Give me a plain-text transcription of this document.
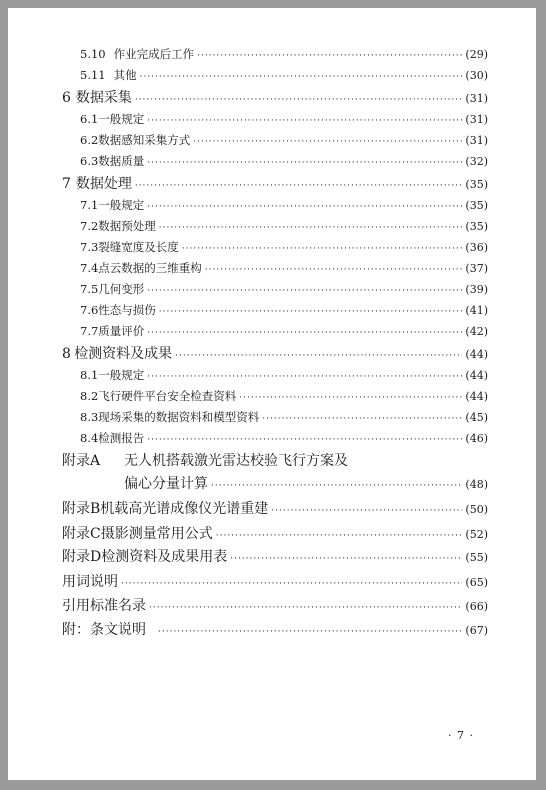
5.10 作业完成后工作 ·····	(29)
5.11 其他 ·····	(30)
6 数据采集 ·····	(31)
6.1 一般规定 ·····	(31)
6.2 数据感知采集方式 ·····	(31)
6.3 数据质量 ·····	(32)
7 数据处理 ·····	(35)
7.1 一般规定 ·····	(35)
7.2 数据预处理 ·····	(35)
7.3 裂缝宽度及长度 ·····	(36)
7.4 点云数据的三维重构 ·····	(37)
7.5 几何变形 ·····	(39)
7.6 性态与损伤 ·····	(41)
7.7 质量评价 ·····	(42)
8 检测资料及成果 ·····	(44)
8.1 一般规定 ·····	(44)
8.2 飞行硬件平台安全检查资料 ·····	(44)
8.3 现场采集的数据资料和模型资料 ·····	(45)
8.4 检测报告 ·····	(46)
附录A	无人机搭载激光雷达校验飞行方案及
偏心分量计算 ·····	(48)
附录B 机载高光谱成像仪光谱重建 ·····	(50)
附录C 摄影测量常用公式 ·····	(52)
附录D 检测资料及成果用表 ·····	(55)
用词说明 ·····	(65)
引用标准名录 ·····	(66)
附：条文说明 ·····	(67)
· 7 ·
